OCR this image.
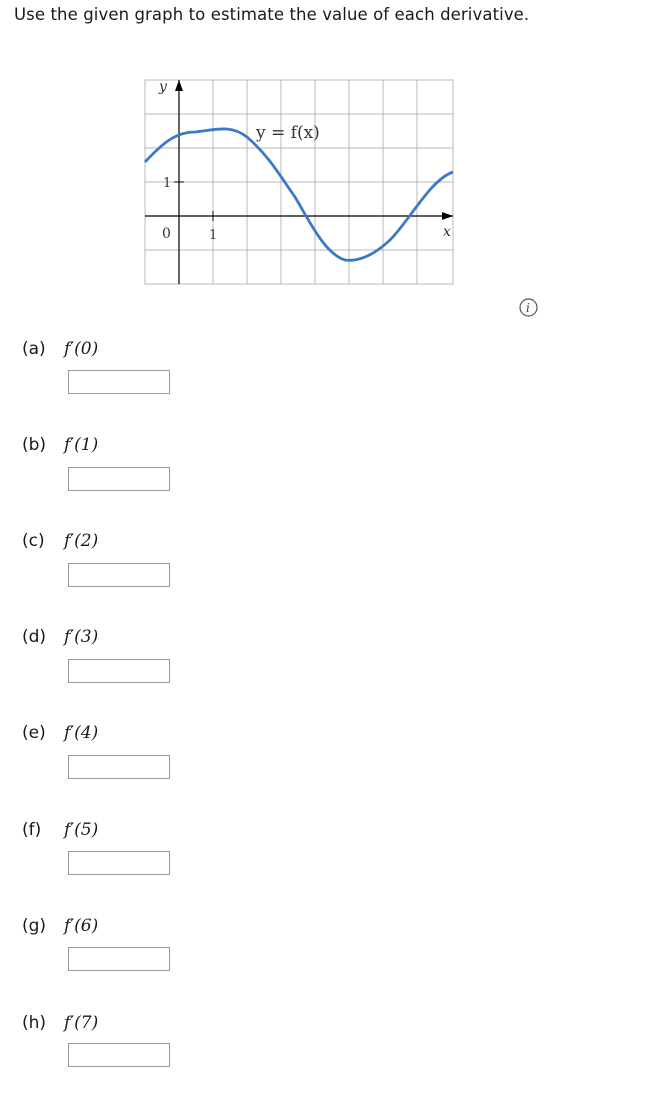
Use the given graph to estimate the value of each derivative.
y
x
0	1
1
y = f(x)
i
(a) f′(0)
(b) f′(1)
(c) f′(2)
(d) f′(3)
(e) f′(4)
(f) f′(5)
(g) f′(6)
(h) f′(7)
